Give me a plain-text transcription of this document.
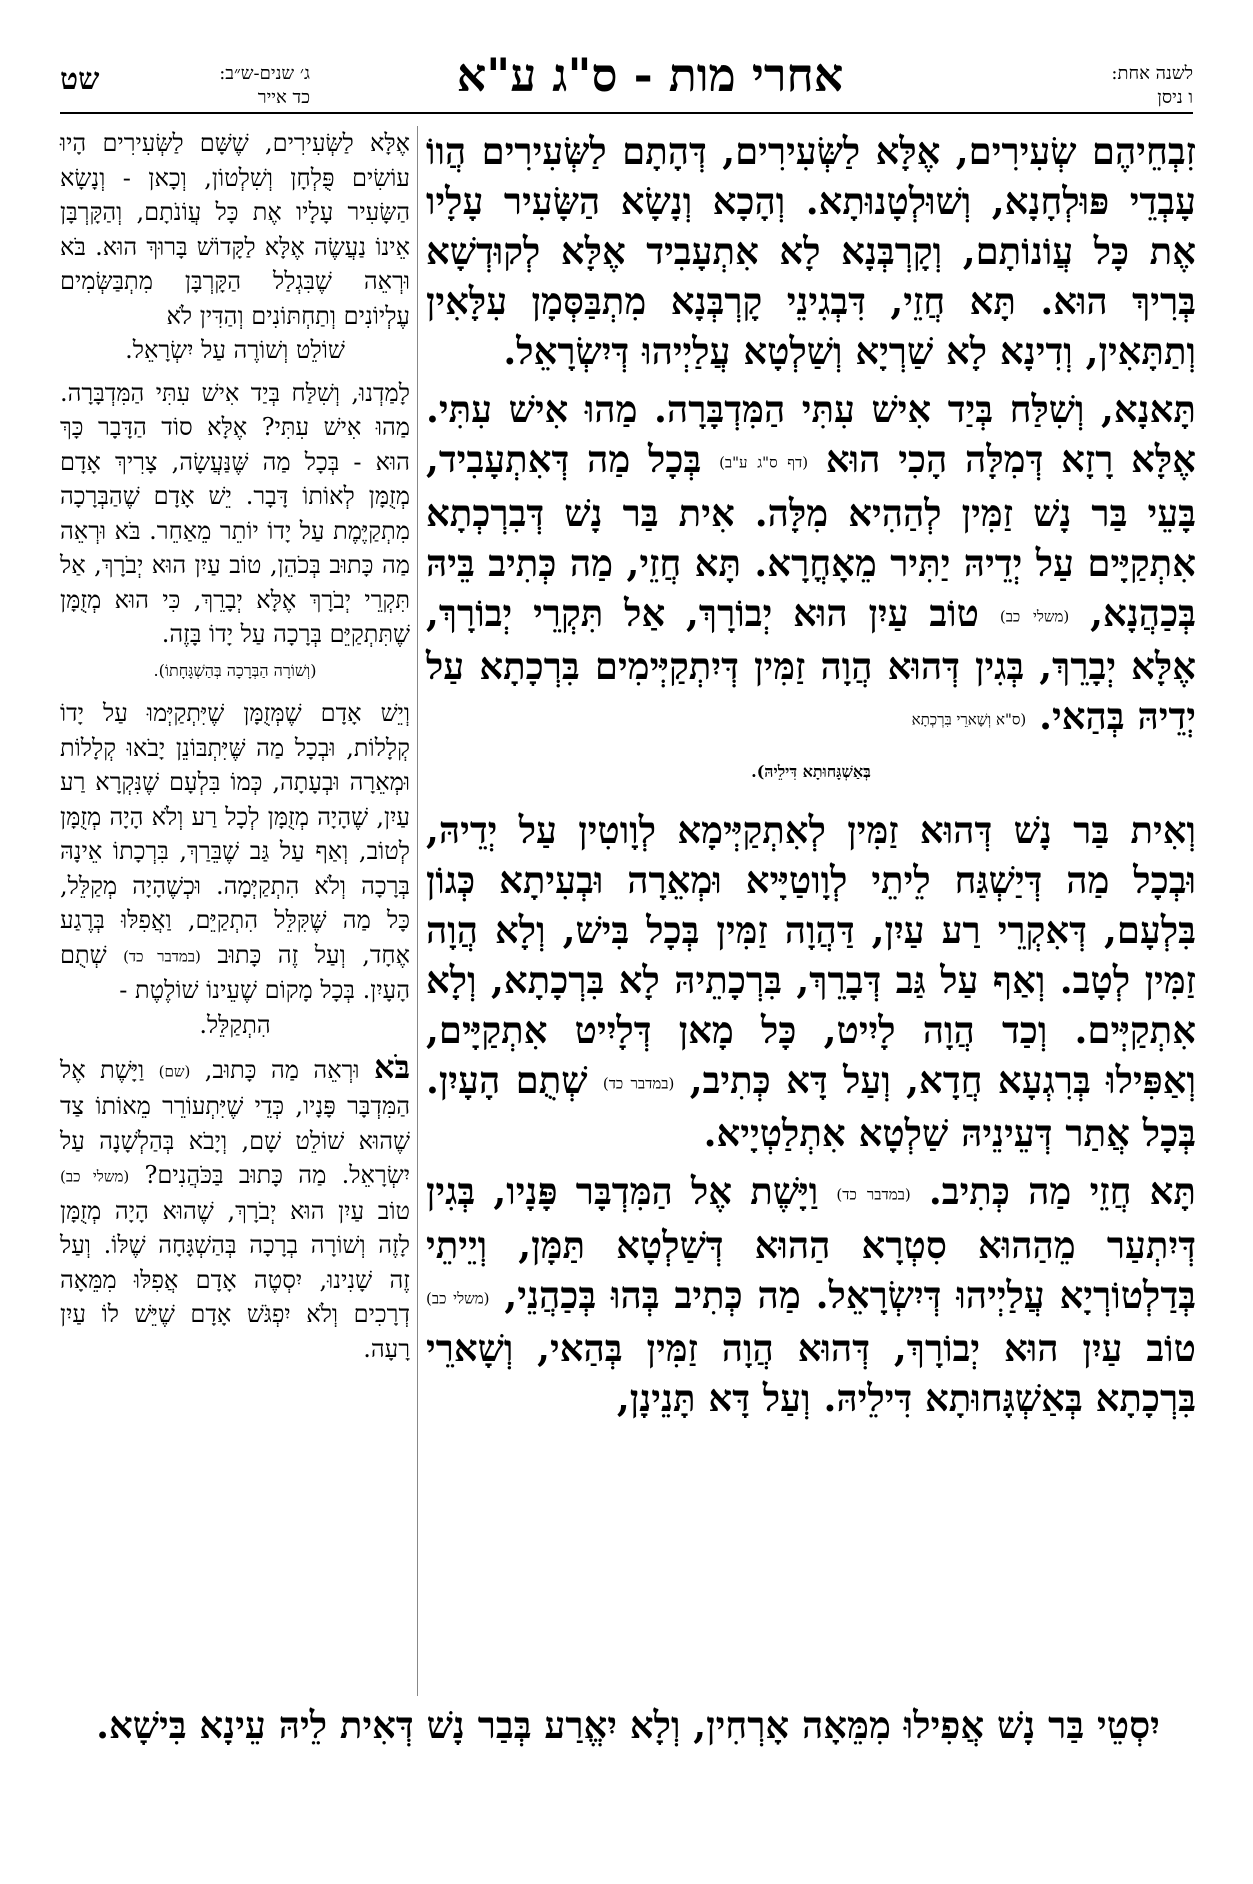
לשנה אחת:
ו ניסן
אחרי מות - ס"ג ע"א
ג׳ שנים-ש״ב:
כד אייר
שט

זִבְחֵיהֶם שְׂעִירִים, אֶלָּא לַשְּׂעִירִים, דְּהָתָם לַשְּׂעִירִים הֲווֹ עָבְדֵי פּוּלְחָנָא, וְשׁוּלְטָנוּתָא. וְהָכָא וְנָשָׂא הַשָּׂעִיר עָלָיו אֶת כָּל עֲוֹנוֹתָם, וְקָרְבְּנָא לָא אִתְעָבִיד אֶלָּא לְקוּדְשָׁא בְּרִיךְ הוּא. תָּא חֲזֵי, דִּבְגִינֵי קָרְבְּנָא מִתְבַּסְּמָן עִלָּאִין וְתַתָּאִין, וְדִינָא לָא שַׁרְיָא וְשַׁלְטָא עֲלַיְיהוּ דְּיִשְׂרָאֵל.

תָּאנָא, וְשִׁלַּח בְּיַד אִישׁ עִתִּי הַמִּדְבָּרָה. מַהוּ אִישׁ עִתִּי. אֶלָּא רָזָא דְּמִלָּה הָכִי הוּא (דף ס"ג ע"ב) בְּכָל מַה דְּאִתְעָבִיד, בָּעֵי בַּר נָשׁ זַמִּין לְהַהִיא מִלָּה. אִית בַּר נָשׁ דְּבִרְכְתָא אִתְקַיָּים עַל יְדֵיהּ יַתִּיר מֵאָחֳרָא. תָּא חֲזֵי, מַה כְּתִיב בֵּיהּ בְּכַהֲנָא, (משלי כב) טוֹב עַיִן הוּא יְבוֹרָךְ, אַל תִּקְרֵי יְבוֹרָךְ, אֶלָּא יְבָרֵךְ, בְּגִין דְּהוּא הֲוָה זַמִּין דְּיִתְקַיְּימִים בִּרְכָתָא עַל יְדֵיהּ בְּהַאי. (ס"א וְשָׁארֵי בִּרְכְתָא
בְּאַשְׁגָּחוּתָא דִּילֵיהּ).

וְאִית בַּר נָשׁ דְּהוּא זַמִּין לְאִתְקַיְּימָא לְוָוטִין עַל יְדֵיהּ, וּבְכָל מַה דְּיַשְׁגַּח לֵיתֵי לְוָוטַיָּיא וּמְאֵרָה וּבְעִיתָא כְּגוֹן בִּלְעָם, דְּאִקְרֵי רַע עַיִן, דַּהֲוָה זַמִּין בְּכָל בִּישׁ, וְלָא הֲוָה זַמִּין לְטָב. וְאַף עַל גַּב דְּבָרֵךְ, בִּרְכָתֵיהּ לָא בִּרְכָתָא, וְלָא אִתְקַיְּים. וְכַד הֲוָה לָיִיט, כָּל מָאן דְּלָיִיט אִתְקַיָּים, וְאַפִּילוּ בְּרִגְעָא חֲדָא, וְעַל דָּא כְּתִיב, (במדבר כד) שְׁתֻם הָעָיִן. בְּכָל אֲתַר דְּעֵינֵיהּ שַׁלְטָא אִתְלַטְיָיא.

תָּא חֲזֵי מַה כְּתִיב. (במדבר כד) וַיָּשֶׁת אֶל הַמִּדְבָּר פָּנָיו, בְּגִין דְּיִתְעַר מֵהַהוּא סִטְרָא הַהוּא דְּשַׁלְטָא תַּמָּן, וְיֵיתֵי בְּדַלְטוֹרְיָא עֲלַיְיהוּ דְּיִשְׂרָאֵל. מַה כְּתִיב בְּהוּ בְּכַהֲנֵי, (משלי כב) טוֹב עַיִן הוּא יְבוֹרָךְ, דְּהוּא הֲוָה זַמִּין בְּהַאי, וְשָׁארֵי בִּרְכָתָא בְּאַשְׁגָּחוּתָא דִּילֵיהּ. וְעַל דָּא תָּנֵינָן,

אֶלָּא לַשְּׂעִירִים, שֶׁשָּׁם לַשְּׂעִירִים הָיוּ עוֹשִׂים פֻּלְחָן וְשִׁלְטוֹן, וְכָאן - וְנָשָׂא הַשָּׂעִיר עָלָיו אֶת כָּל עֲוֹנֹתָם, וְהַקָּרְבָּן אֵינוֹ נַעֲשֶׂה אֶלָּא לַקָּדוֹשׁ בָּרוּךְ הוּא. בֹּא וּרְאֵה שֶׁבִּגְלַל הַקָּרְבָּן מִתְבַּשְּׂמִים עֶלְיוֹנִים וְתַחְתּוֹנִים וְהַדִּין לֹא
שׁוֹלֵט וְשׁוֹרֶה עַל יִשְׂרָאֵל.

לָמַדְנוּ, וְשִׁלַּח בְּיַד אִישׁ עִתִּי הַמִּדְבָּרָה. מַהוּ אִישׁ עִתִּי? אֶלָּא סוֹד הַדָּבָר כָּךְ הוּא - בְּכָל מַה שֶּׁנַּעֲשָׂה, צָרִיךְ אָדָם מְזֻמָּן לְאוֹתוֹ דָּבָר. יֵשׁ אָדָם שֶׁהַבְּרָכָה מִתְקַיֶּמֶת עַל יָדוֹ יוֹתֵר מֵאַחֵר. בֹּא וּרְאֵה מַה כָּתוּב בְּכֹהֵן, טוֹב עַיִן הוּא יְבֹרָךְ, אַל תִּקְרֵי יְבֹרָךְ אֶלָּא יְבָרֵךְ, כִּי הוּא מְזֻמָּן שֶׁתִּתְקַיֵּם בְּרָכָה עַל יָדוֹ בָּזֶה.
(וְשׁוֹרָה הַבְּרָכָה בְּהַשְׁגָּחָתוֹ).

וְיֵשׁ אָדָם שֶׁמְּזֻמָּן שֶׁיִּתְקַיְּמוּ עַל יָדוֹ קְלָלוֹת, וּבְכָל מַה שֶּׁיִּתְבּוֹנֵן יָבֹאוּ קְלָלוֹת וּמְאֵרָה וּבְעָתָה, כְּמוֹ בִּלְעָם שֶׁנִּקְרָא רַע עַיִן, שֶׁהָיָה מְזֻמָּן לְכָל רַע וְלֹא הָיָה מְזֻמָּן לְטוֹב, וְאַף עַל גַּב שֶׁבֵּרַךְ, בִּרְכָתוֹ אֵינָהּ בְּרָכָה וְלֹא הִתְקַיְּמָה. וּכְשֶׁהָיָה מְקַלֵּל, כָּל מַה שֶּׁקִּלֵּל הִתְקַיֵּם, וַאֲפִלּוּ בְּרֶגַע אֶחָד, וְעַל זֶה כָּתוּב (במדבר כד) שְׁתֻם הָעָיִן. בְּכָל מָקוֹם שֶׁעֵינוֹ שׁוֹלֶטֶת -
הִתְקַלֵּל.

בֹּא וּרְאֵה מַה כָּתוּב, (שם) וַיָּשֶׁת אֶל הַמִּדְבָּר פָּנָיו, כְּדֵי שֶׁיִּתְעוֹרֵר מֵאוֹתוֹ צַד שֶׁהוּא שׁוֹלֵט שָׁם, וְיָבֹא בְּהַלְשָׁנָה עַל יִשְׂרָאֵל. מַה כָּתוּב בַּכֹּהֲנִים? (משלי כב) טוֹב עַיִן הוּא יְבֹרָךְ, שֶׁהוּא הָיָה מְזֻמָּן לָזֶה וְשׁוֹרָה בְרָכָה בְּהַשְׁגָּחָה שֶׁלּוֹ. וְעַל זֶה שָׁנִינוּ, יִסְטֶה אָדָם אֲפִלּוּ מִמֵּאָה דְרָכִים וְלֹא יִפְגֹּשׁ אָדָם שֶׁיֵּשׁ לוֹ עַיִן רָעָה.

יִסְטֵי בַּר נָשׁ אֲפִילוּ מִמֵּאָה אָרְחִין, וְלָא יִאֱרַע בְּבַר נָשׁ דְּאִית לֵיהּ עֵינָא בִּישָׁא.
